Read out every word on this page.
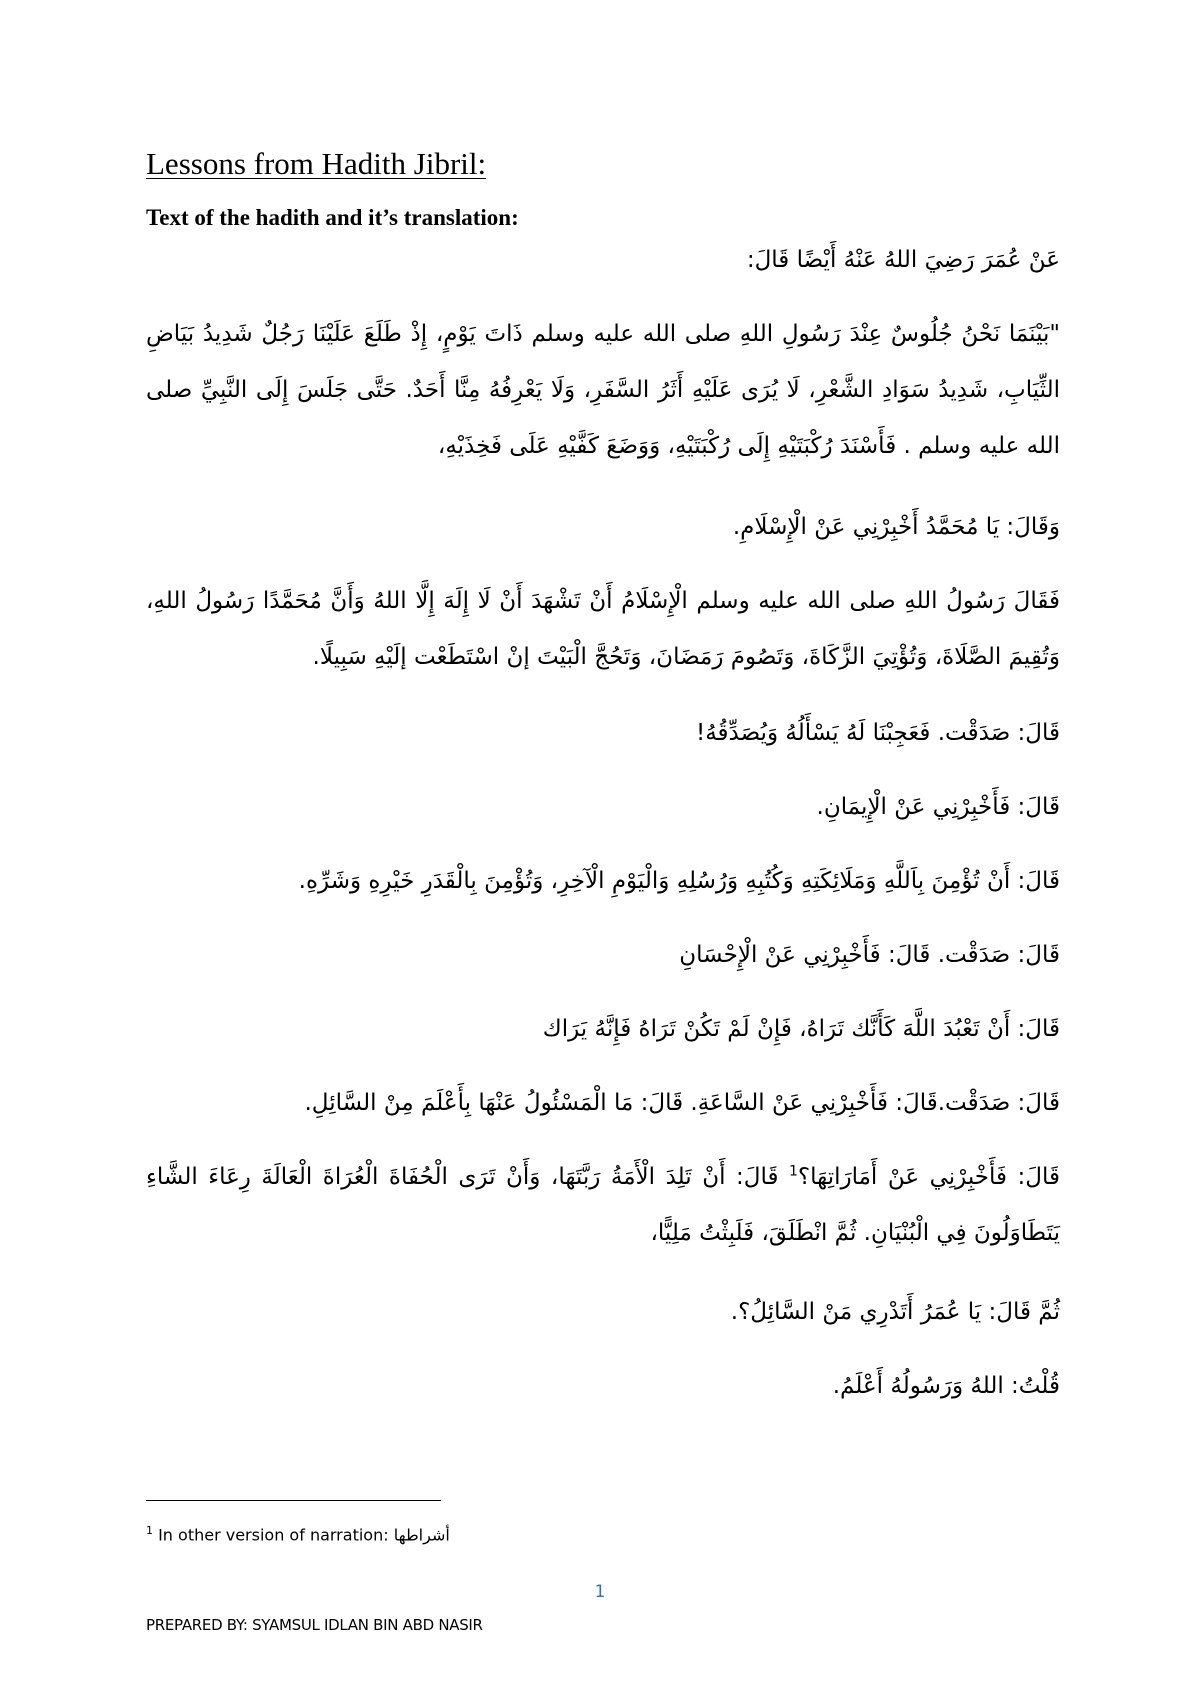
Lessons from Hadith Jibril:
Text of the hadith and it’s translation:

عَنْ عُمَرَ رَضِيَ اللهُ عَنْهُ أَيْضًا قَالَ:

"بَيْنَمَا نَحْنُ جُلُوسٌ عِنْدَ رَسُولِ اللهِ صلى الله عليه وسلم ذَاتَ يَوْمٍ، إِذْ طَلَعَ عَلَيْنَا رَجُلٌ شَدِيدُ بَيَاضِ الثِّيَابِ، شَدِيدُ سَوَادِ الشَّعْرِ، لَا يُرَى عَلَيْهِ أَثَرُ السَّفَرِ، وَلَا يَعْرِفُهُ مِنَّا أَحَدٌ. حَتَّى جَلَسَ إِلَى النَّبِيِّ صلى الله عليه وسلم . فَأَسْنَدَ رُكْبَتَيْهِ إِلَى رُكْبَتَيْهِ، وَوَضَعَ كَفَّيْهِ عَلَى فَخِذَيْهِ،

وَقَالَ: يَا مُحَمَّدُ أَخْبِرْنِي عَنْ الْإِسْلَامِ.

فَقَالَ رَسُولُ اللهِ صلى الله عليه وسلم الْإِسْلَامُ أَنْ تَشْهَدَ أَنْ لَا إِلَهَ إِلَّا اللهُ وَأَنَّ مُحَمَّدًا رَسُولُ اللهِ، وَتُقِيمَ الصَّلَاةَ، وَتُؤْتِيَ الزَّكَاةَ، وَتَصُومَ رَمَضَانَ، وَتَحُجَّ الْبَيْتَ إنْ اسْتَطَعْت إلَيْهِ سَبِيلًا.

قَالَ: صَدَقْت. فَعَجِبْنَا لَهُ يَسْأَلُهُ وَيُصَدِّقُهُ!

قَالَ: فَأَخْبِرْنِي عَنْ الْإِيمَانِ.

قَالَ: أَنْ تُؤْمِنَ بِاَللَّهِ وَمَلَائِكَتِهِ وَكُتُبِهِ وَرُسُلِهِ وَالْيَوْمِ الْآخِرِ، وَتُؤْمِنَ بِالْقَدَرِ خَيْرِهِ وَشَرِّهِ.

قَالَ: صَدَقْت. قَالَ: فَأَخْبِرْنِي عَنْ الْإِحْسَانِ

قَالَ: أَنْ تَعْبُدَ اللَّهَ كَأَنَّك تَرَاهُ، فَإِنْ لَمْ تَكُنْ تَرَاهُ فَإِنَّهُ يَرَاك

قَالَ: صَدَقْت.قَالَ: فَأَخْبِرْنِي عَنْ السَّاعَةِ. قَالَ: مَا الْمَسْئُولُ عَنْهَا بِأَعْلَمَ مِنْ السَّائِلِ.

قَالَ: فَأَخْبِرْنِي عَنْ أَمَارَاتِهَا؟$^1$ قَالَ: أَنْ تَلِدَ الْأَمَةُ رَبَّتَهَا، وَأَنْ تَرَى الْحُفَاةَ الْعُرَاةَ الْعَالَةَ رِعَاءَ الشَّاءِ يَتَطَاوَلُونَ فِي الْبُنْيَانِ. ثُمَّ انْطَلَقَ، فَلَبِثْتُ مَلِيًّا،

ثُمَّ قَالَ: يَا عُمَرُ أَتَدْرِي مَنْ السَّائِلُ؟.

قُلْتُ: اللهُ وَرَسُولُهُ أَعْلَمُ.

$^1$ In other version of narration: أشراطها
1
PREPARED BY: SYAMSUL IDLAN BIN ABD NASIR
